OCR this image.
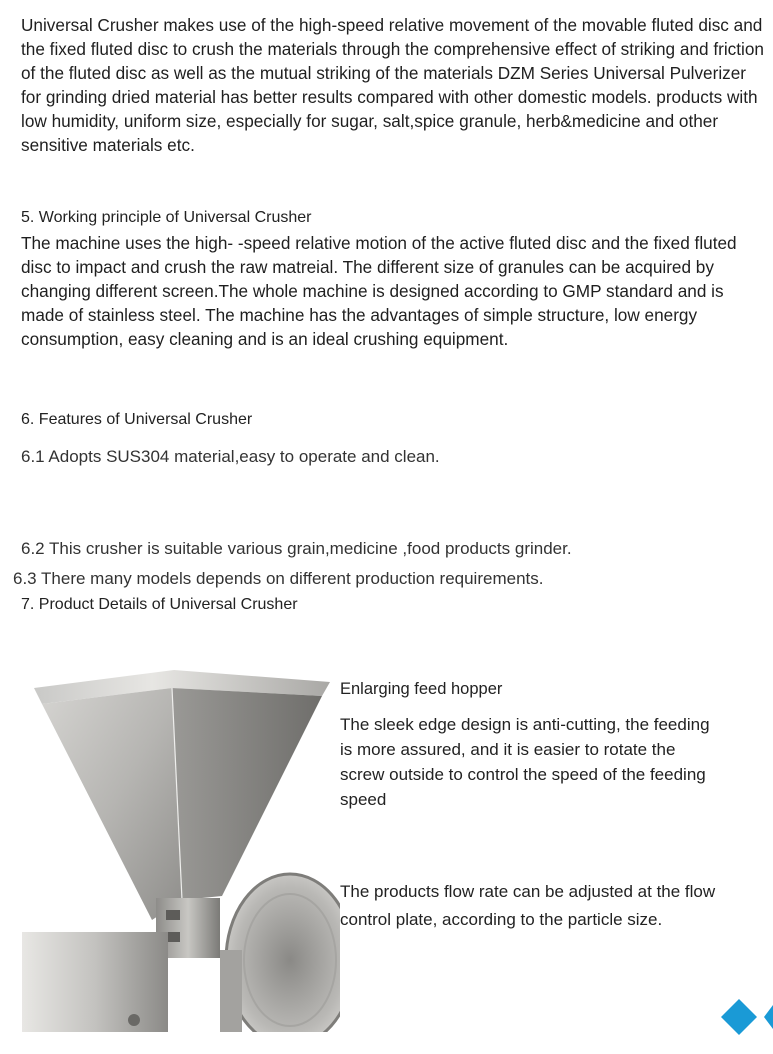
Universal Crusher makes use of the high-speed relative movement of the movable fluted disc and the fixed fluted disc to crush the materials through the comprehensive effect of striking and friction of the fluted disc as well as the mutual striking of the materials DZM Series Universal Pulverizer for grinding dried material has better results compared with other domestic models. products with low humidity, uniform size, especially for sugar, salt,spice granule, herb&medicine and other sensitive materials etc.

5. Working principle of Universal Crusher

The machine uses the high- -speed relative motion of the active fluted disc and the fixed fluted disc to impact and crush the raw matreial. The different size of granules can be acquired by changing different screen.The whole machine is designed according to GMP standard and is made of stainless steel. The machine has the advantages of simple structure, low energy consumption, easy cleaning and is an ideal crushing equipment.

6. Features of Universal Crusher

6.1 Adopts SUS304 material,easy to operate and clean.

6.2 This crusher is suitable various grain,medicine ,food products grinder.

6.3 There many models depends on different production requirements.

7. Product Details of Universal Crusher

Enlarging feed hopper

The sleek edge design is anti-cutting, the feeding is more assured, and it is easier to rotate the screw outside to control the speed of the feeding speed

The products flow rate can be adjusted at the flow control plate, according to the particle size.
